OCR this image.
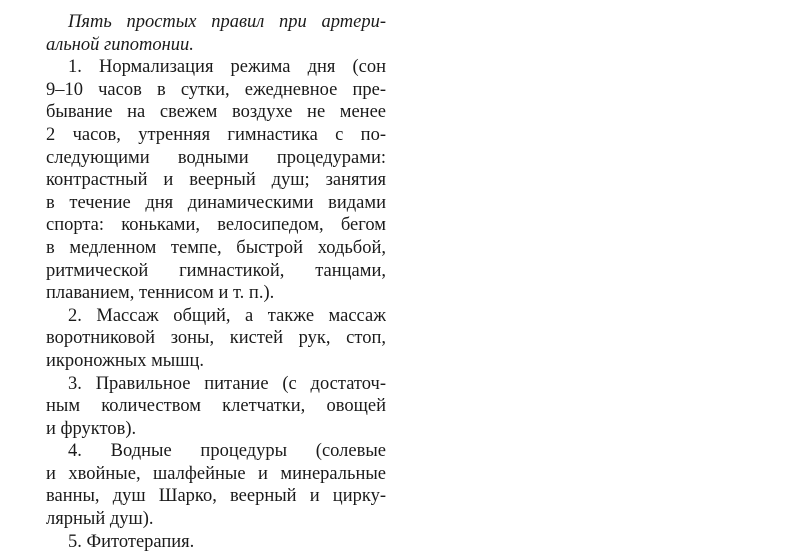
Пять простых правил при артери-
альной гипотонии.
1. Нормализация режима дня (сон
9–10 часов в сутки, ежедневное пре-
бывание на свежем воздухе не менее
2 часов, утренняя гимнастика с по-
следующими водными процедурами:
контрастный и веерный душ; занятия
в течение дня динамическими видами
спорта: коньками, велосипедом, бегом
в медленном темпе, быстрой ходьбой,
ритмической гимнастикой, танцами,
плаванием, теннисом и т. п.).
2. Массаж общий, а также массаж
воротниковой зоны, кистей рук, стоп,
икроножных мышц.
3. Правильное питание (с достаточ-
ным количеством клетчатки, овощей
и фруктов).
4. Водные процедуры (солевые
и хвойные, шалфейные и минеральные
ванны, душ Шарко, веерный и цирку-
лярный душ).
5. Фитотерапия.
